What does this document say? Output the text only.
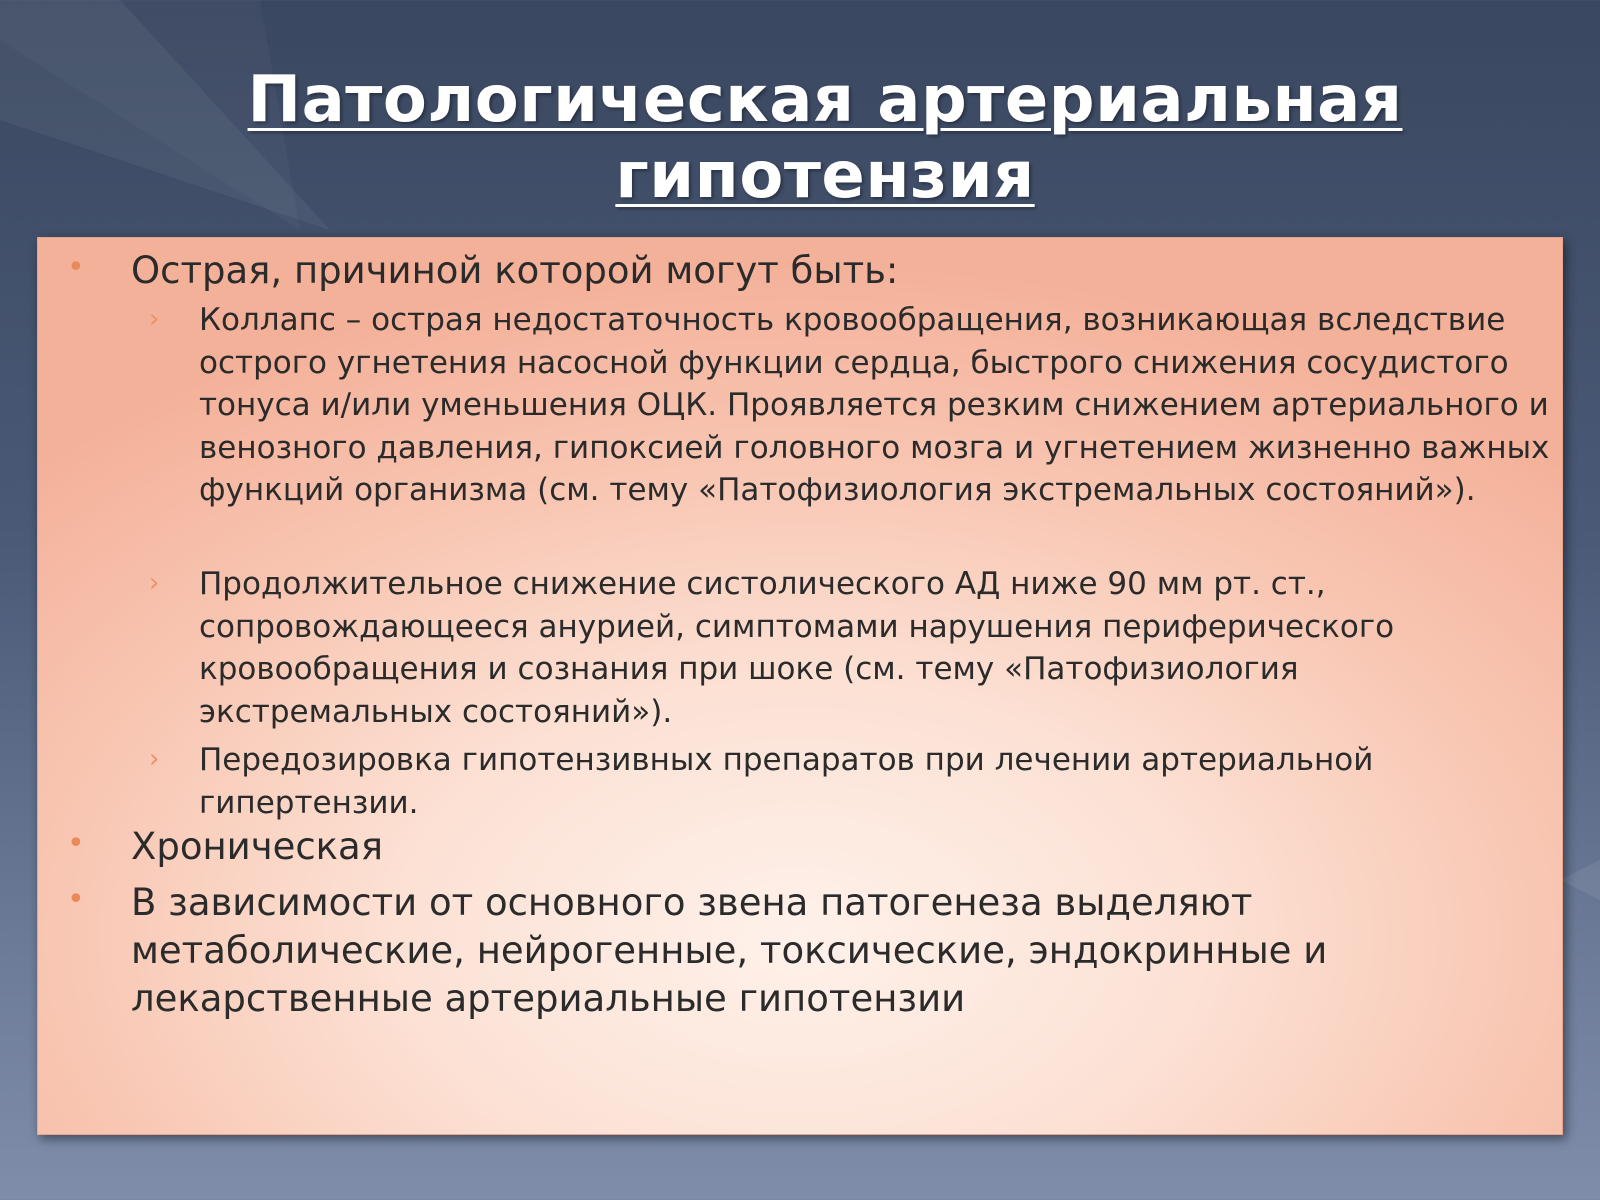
Патологическая артериальная
гипотензия
• Острая, причиной которой могут быть:
› Коллапс – острая недостаточность кровообращения, возникающая вследствие острого угнетения насосной функции сердца, быстрого снижения сосудистого тонуса и/или уменьшения ОЦК. Проявляется резким снижением артериального и венозного давления, гипоксией головного мозга и угнетением жизненно важных функций организма (см. тему «Патофизиология экстремальных состояний»).
› Продолжительное снижение систолического АД ниже 90 мм рт. ст., сопровождающееся анурией, симптомами нарушения периферического кровообращения и сознания при шоке (см. тему «Патофизиология экстремальных состояний»).
› Передозировка гипотензивных препаратов при лечении артериальной гипертензии.
• Хроническая
• В зависимости от основного звена патогенеза выделяют метаболические, нейрогенные, токсические, эндокринные и лекарственные артериальные гипотензии
